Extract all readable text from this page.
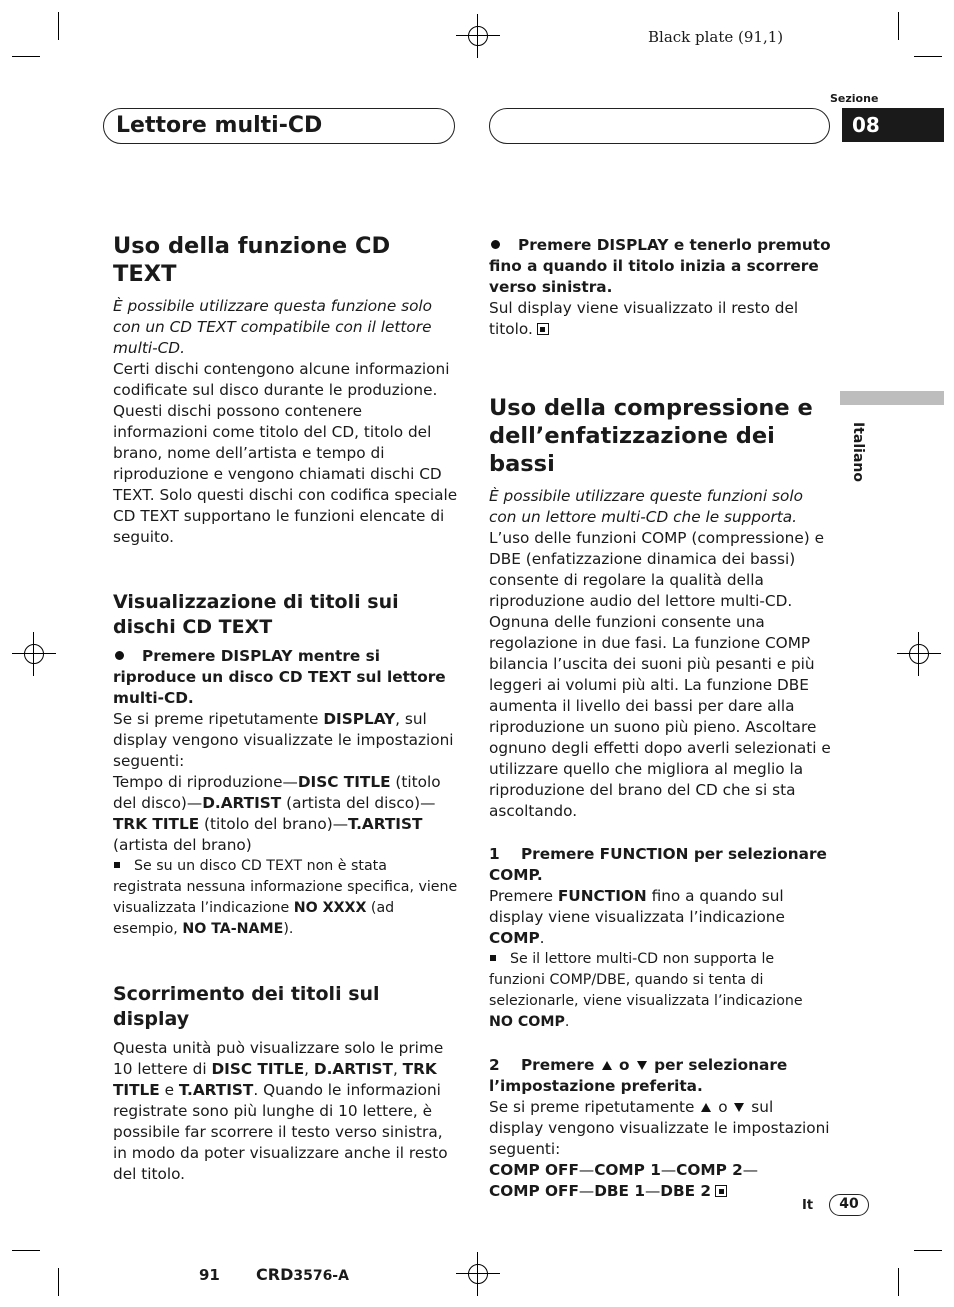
Black plate (91,1)
Lettore multi-CD
Sezione
08
Italiano
Uso della funzione CD TEXT

È possibile utilizzare questa funzione solo con un CD TEXT compatibile con il lettore multi-CD.

Certi dischi contengono alcune informazioni codificate sul disco durante le produzione. Questi dischi possono contenere informazioni come titolo del CD, titolo del brano, nome dell’artista e tempo di riproduzione e vengono chiamati dischi CD TEXT. Solo questi dischi con codifica speciale CD TEXT supportano le funzioni elencate di seguito.

Visualizzazione di titoli sui dischi CD TEXT

Premere DISPLAY mentre si riproduce un disco CD TEXT sul lettore multi-CD.

Se si preme ripetutamente DISPLAY, sul display vengono visualizzate le impostazioni seguenti:

Tempo di riproduzione—DISC TITLE (titolo del disco)—D.ARTIST (artista del disco)—TRK TITLE (titolo del brano)—T.ARTIST (artista del brano)

Se su un disco CD TEXT non è stata registrata nessuna informazione specifica, viene visualizzata l’indicazione NO XXXX (ad esempio, NO TA-NAME).

Scorrimento dei titoli sul display

Questa unità può visualizzare solo le prime 10 lettere di DISC TITLE, D.ARTIST, TRK TITLE e T.ARTIST. Quando le informazioni registrate sono più lunghe di 10 lettere, è possibile far scorrere il testo verso sinistra, in modo da poter visualizzare anche il resto del titolo.

Premere DISPLAY e tenerlo premuto fino a quando il titolo inizia a scorrere verso sinistra.

Sul display viene visualizzato il resto del titolo.

Uso della compressione e dell’enfatizzazione dei bassi

È possibile utilizzare queste funzioni solo con un lettore multi-CD che le supporta.

L’uso delle funzioni COMP (compressione) e DBE (enfatizzazione dinamica dei bassi) consente di regolare la qualità della riproduzione audio del lettore multi-CD. Ognuna delle funzioni consente una regolazione in due fasi. La funzione COMP bilancia l’uscita dei suoni più pesanti e più leggeri ai volumi più alti. La funzione DBE aumenta il livello dei bassi per dare alla riproduzione un suono più pieno. Ascoltare ognuno degli effetti dopo averli selezionati e utilizzare quello che migliora al meglio la riproduzione del brano del CD che si sta ascoltando.

1 Premere FUNCTION per selezionare COMP.

Premere FUNCTION fino a quando sul display viene visualizzata l’indicazione COMP.

Se il lettore multi-CD non supporta le funzioni COMP/DBE, quando si tenta di selezionarle, viene visualizzata l’indicazione NO COMP.

2 Premere  o  per selezionare l’impostazione preferita.

Se si preme ripetutamente  o  sul display vengono visualizzate le impostazioni seguenti:

COMP OFF—COMP 1—COMP 2—

COMP OFF—DBE 1—DBE 2

It	40
91 CRD3576-A
